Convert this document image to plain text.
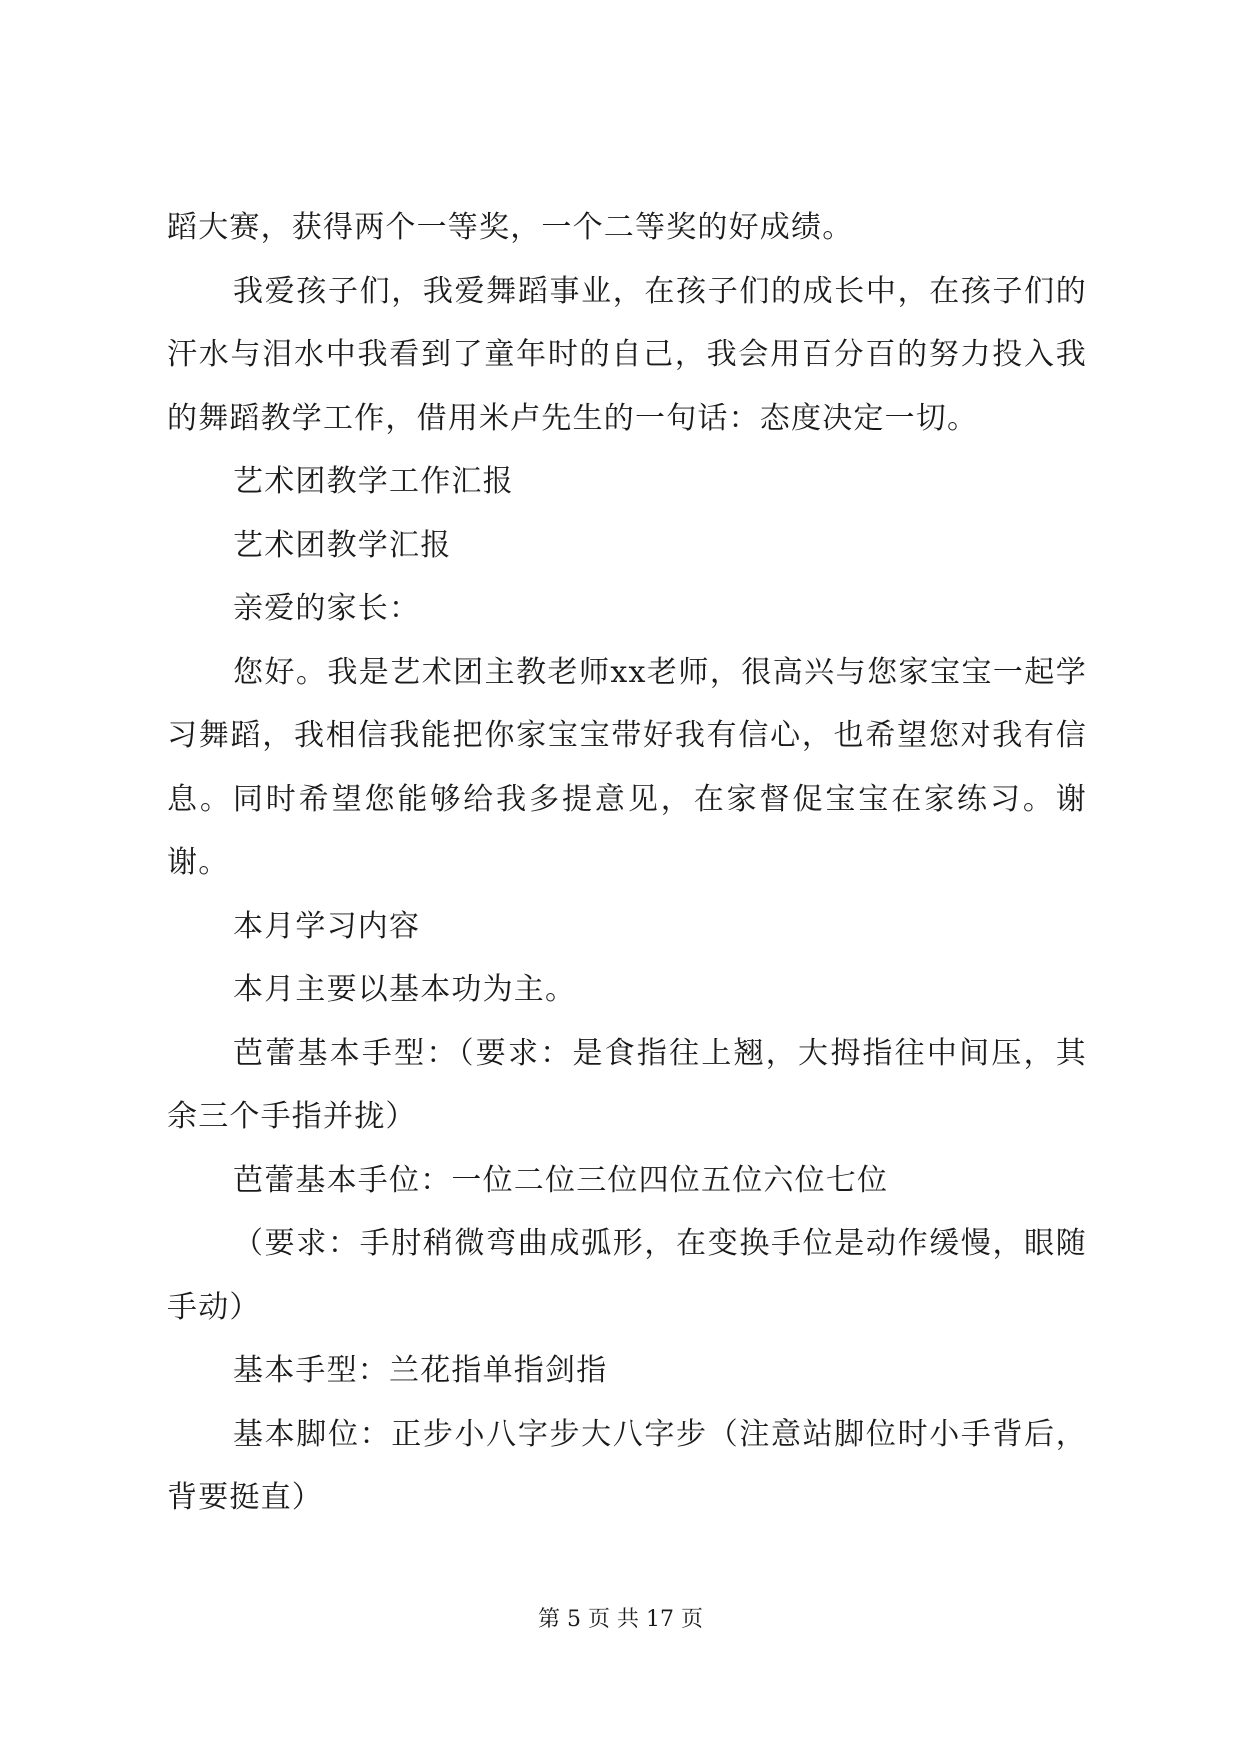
蹈大赛，获得两个一等奖，一个二等奖的好成绩。

我爱孩子们，我爱舞蹈事业，在孩子们的成长中，在孩子们的汗水与泪水中我看到了童年时的自己，我会用百分百的努力投入我的舞蹈教学工作，借用米卢先生的一句话：态度决定一切。

艺术团教学工作汇报

艺术团教学汇报

亲爱的家长：

您好。我是艺术团主教老师xx老师，很高兴与您家宝宝一起学习舞蹈，我相信我能把你家宝宝带好我有信心，也希望您对我有信息。同时希望您能够给我多提意见，在家督促宝宝在家练习。谢谢。

本月学习内容

本月主要以基本功为主。

芭蕾基本手型：（要求：是食指往上翘，大拇指往中间压，其余三个手指并拢）

芭蕾基本手位：一位二位三位四位五位六位七位

（要求：手肘稍微弯曲成弧形，在变换手位是动作缓慢，眼随手动）

基本手型：兰花指单指剑指

基本脚位：正步小八字步大八字步（注意站脚位时小手背后，背要挺直）

第 5 页 共 17 页
